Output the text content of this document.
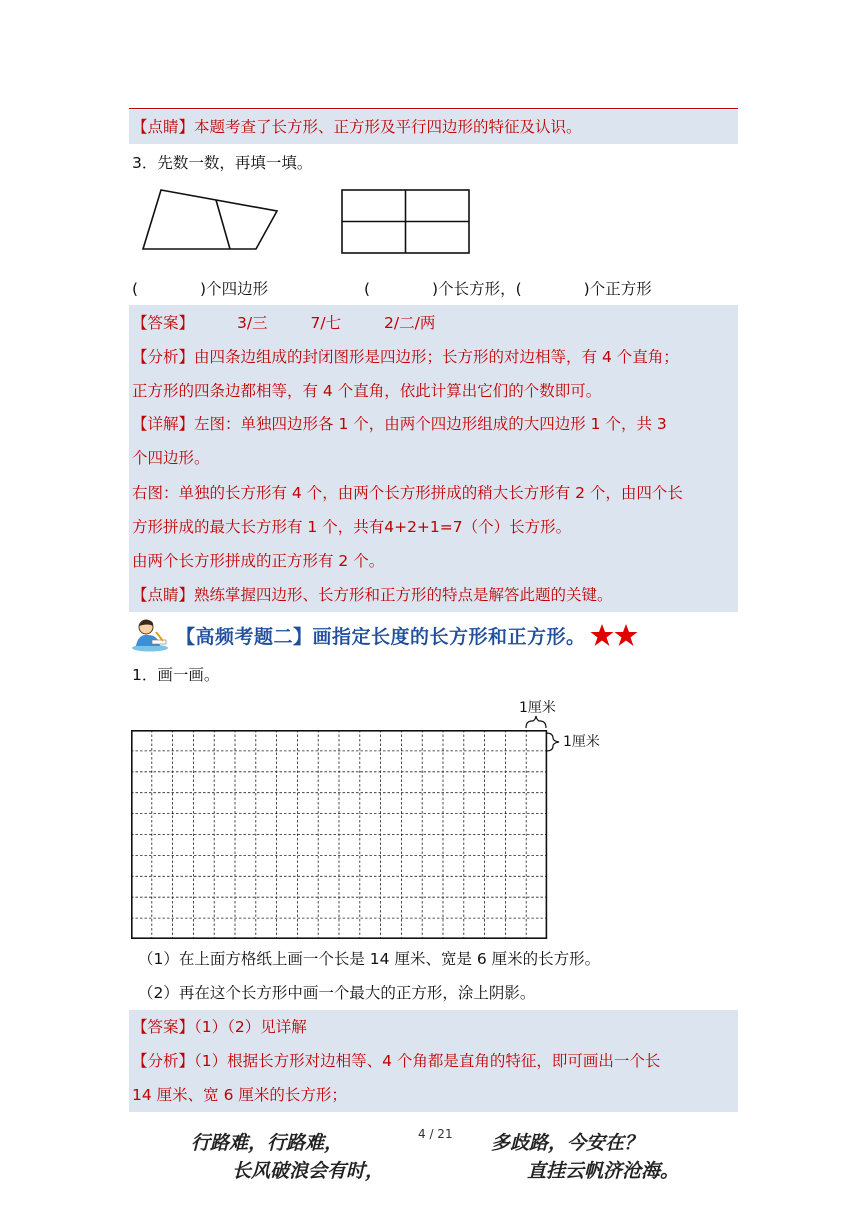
【点睛】本题考查了长方形、正方形及平行四边形的特征及认识。
3．先数一数，再填一填。
(　　　　)个四边形	(　　　　)个长方形，(　　　　)个正方形
【答案】	3/三	7/七	2/二/两
【分析】由四条边组成的封闭图形是四边形；长方形的对边相等，有 4 个直角；
正方形的四条边都相等，有 4 个直角，依此计算出它们的个数即可。
【详解】左图：单独四边形各 1 个，由两个四边形组成的大四边形 1 个，共 3
个四边形。
右图：单独的长方形有 4 个，由两个长方形拼成的稍大长方形有 2 个，由四个长
方形拼成的最大长方形有 1 个，共有4+2+1=7（个）长方形。
由两个长方形拼成的正方形有 2 个。
【点睛】熟练掌握四边形、长方形和正方形的特点是解答此题的关键。
【高频考题二】画指定长度的长方形和正方形。
1．画一画。
1厘米
1厘米
（1）在上面方格纸上画一个长是 14 厘米、宽是 6 厘米的长方形。
（2）再在这个长方形中画一个最大的正方形，涂上阴影。
【答案】（1）（2）见详解
【分析】（1）根据长方形对边相等、4 个角都是直角的特征，即可画出一个长
14 厘米、宽 6 厘米的长方形；
行路难，行路难，
长风破浪会有时，
4 / 21 多歧路，今安在？
直挂云帆济沧海。
